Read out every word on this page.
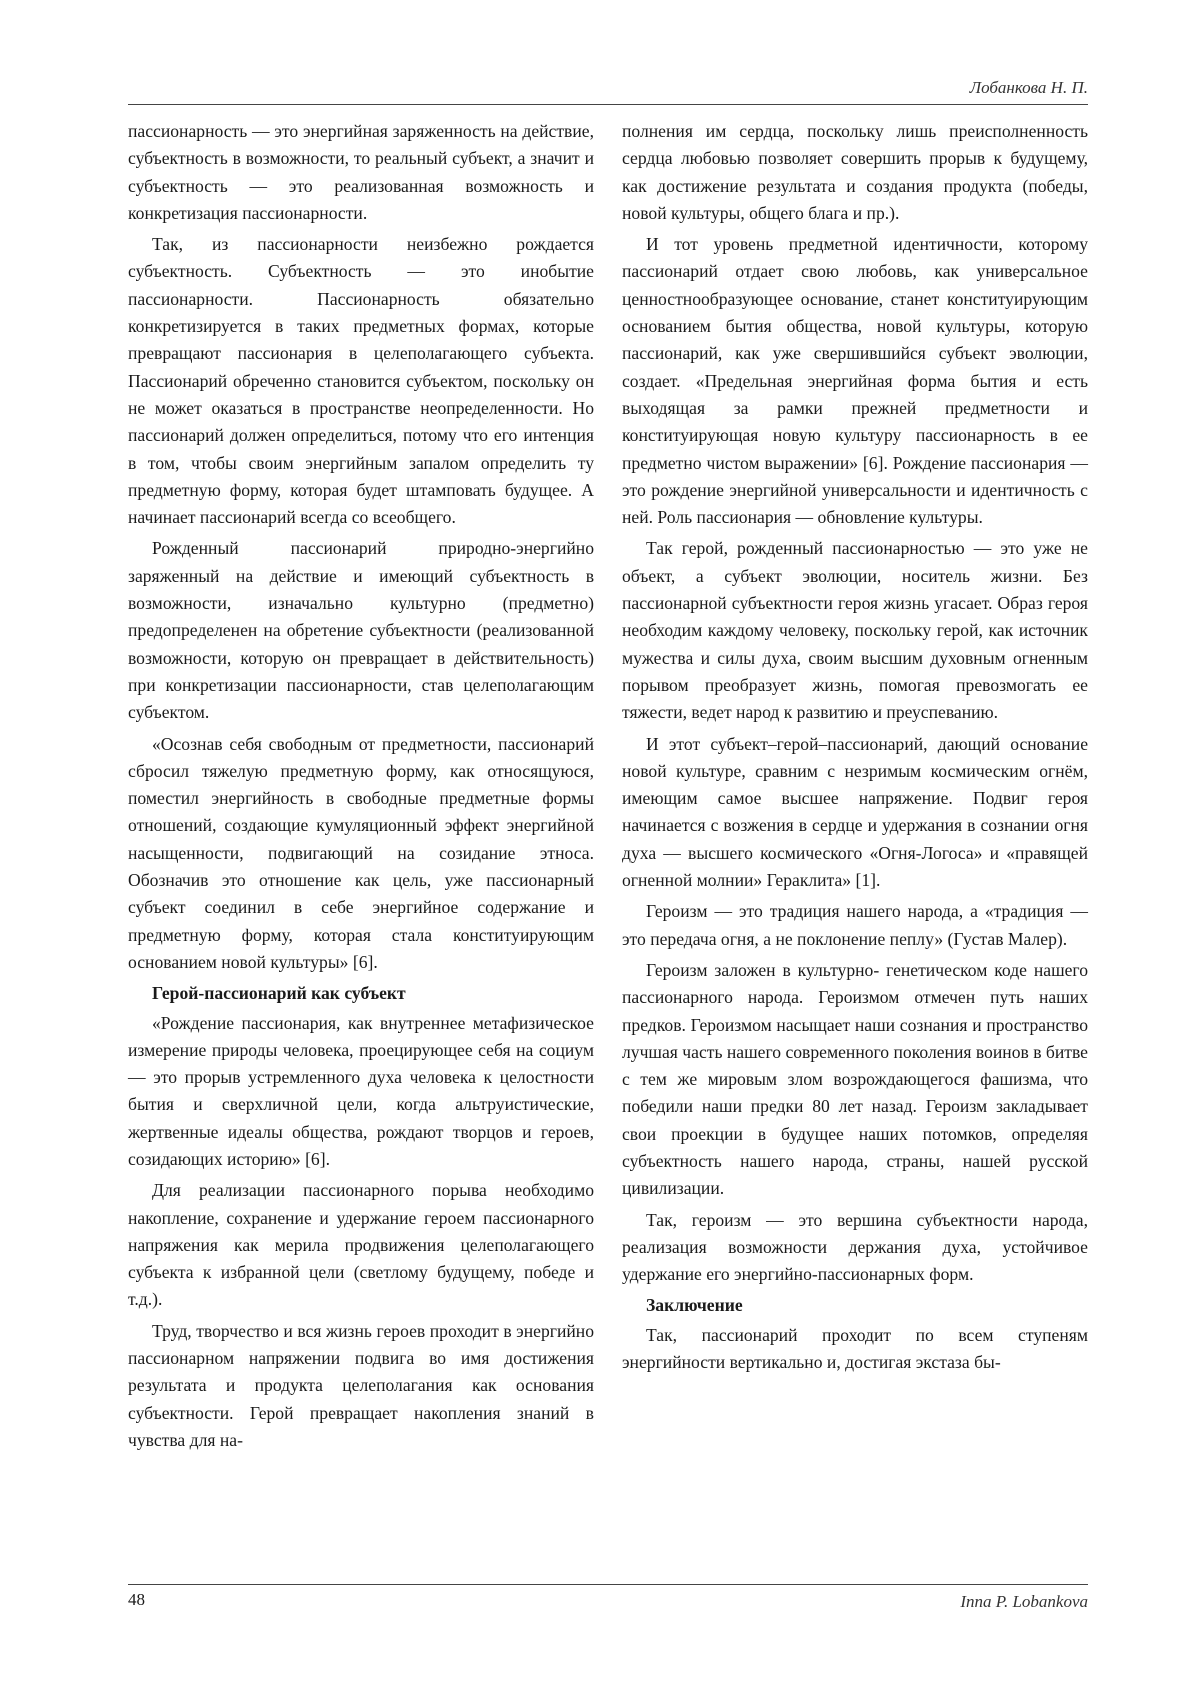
Лобанкова Н. П.

пассионарность — это энергийная заряженность на действие, субъектность в возможности, то реальный субъект, а значит и субъектность — это реализованная возможность и конкретизация пассионарности.

Так, из пассионарности неизбежно рождается субъектность. Субъектность — это инобытие пассионарности. Пассионарность обязательно конкретизируется в таких предметных формах, которые превращают пассионария в целеполагающего субъекта. Пассионарий обреченно становится субъектом, поскольку он не может оказаться в пространстве неопределенности. Но пассионарий должен определиться, потому что его интенция в том, чтобы своим энергийным запалом определить ту предметную форму, которая будет штамповать будущее. А начинает пассионарий всегда со всеобщего.

Рожденный пассионарий природно-энергийно заряженный на действие и имеющий субъектность в возможности, изначально культурно (предметно) предопределенен на обретение субъектности (реализованной возможности, которую он превращает в действительность) при конкретизации пассионарности, став целеполагающим субъектом.

«Осознав себя свободным от предметности, пассионарий сбросил тяжелую предметную форму, как относящуюся, поместил энергийность в свободные предметные формы отношений, создающие кумуляционный эффект энергийной насыщенности, подвигающий на созидание этноса. Обозначив это отношение как цель, уже пассионарный субъект соединил в себе энергийное содержание и предметную форму, которая стала конституирующим основанием новой культуры» [6].

Герой-пассионарий как субъект

«Рождение пассионария, как внутреннее метафизическое измерение природы человека, проецирующее себя на социум — это прорыв устремленного духа человека к целостности бытия и сверхличной цели, когда альтруистические, жертвенные идеалы общества, рождают творцов и героев, созидающих историю» [6].

Для реализации пассионарного порыва необходимо накопление, сохранение и удержание героем пассионарного напряжения как мерила продвижения целеполагающего субъекта к избранной цели (светлому будущему, победе и т.д.).

Труд, творчество и вся жизнь героев проходит в энергийно пассионарном напряжении подвига во имя достижения результата и продукта целеполагания как основания субъектности. Герой превращает накопления знаний в чувства для на-

полнения им сердца, поскольку лишь преисполненность сердца любовью позволяет совершить прорыв к будущему, как достижение результата и создания продукта (победы, новой культуры, общего блага и пр.).

И тот уровень предметной идентичности, которому пассионарий отдает свою любовь, как универсальное ценностнообразующее основание, станет конституирующим основанием бытия общества, новой культуры, которую пассионарий, как уже свершившийся субъект эволюции, создает. «Предельная энергийная форма бытия и есть выходящая за рамки прежней предметности и конституирующая новую культуру пассионарность в ее предметно чистом выражении» [6]. Рождение пассионария — это рождение энергийной универсальности и идентичность с ней. Роль пассионария — обновление культуры.

Так герой, рожденный пассионарностью — это уже не объект, а субъект эволюции, носитель жизни. Без пассионарной субъектности героя жизнь угасает. Образ героя необходим каждому человеку, поскольку герой, как источник мужества и силы духа, своим высшим духовным огненным порывом преобразует жизнь, помогая превозмогать ее тяжести, ведет народ к развитию и преуспеванию.

И этот субъект–герой–пассионарий, дающий основание новой культуре, сравним с незримым космическим огнём, имеющим самое высшее напряжение. Подвиг героя начинается с возжения в сердце и удержания в сознании огня духа — высшего космического «Огня-Логоса» и «правящей огненной молнии» Гераклита» [1].

Героизм — это традиция нашего народа, а «традиция — это передача огня, а не поклонение пеплу» (Густав Малер).

Героизм заложен в культурно- генетическом коде нашего пассионарного народа. Героизмом отмечен путь наших предков. Героизмом насыщает наши сознания и пространство лучшая часть нашего современного поколения воинов в битве с тем же мировым злом возрождающегося фашизма, что победили наши предки 80 лет назад. Героизм закладывает свои проекции в будущее наших потомков, определяя субъектность нашего народа, страны, нашей русской цивилизации.

Так, героизм — это вершина субъектности народа, реализация возможности держания духа, устойчивое удержание его энергийно-пассионарных форм.

Заключение

Так, пассионарий проходит по всем ступеням энергийности вертикально и, достигая экстаза бы-

48	Inna P. Lobankova
